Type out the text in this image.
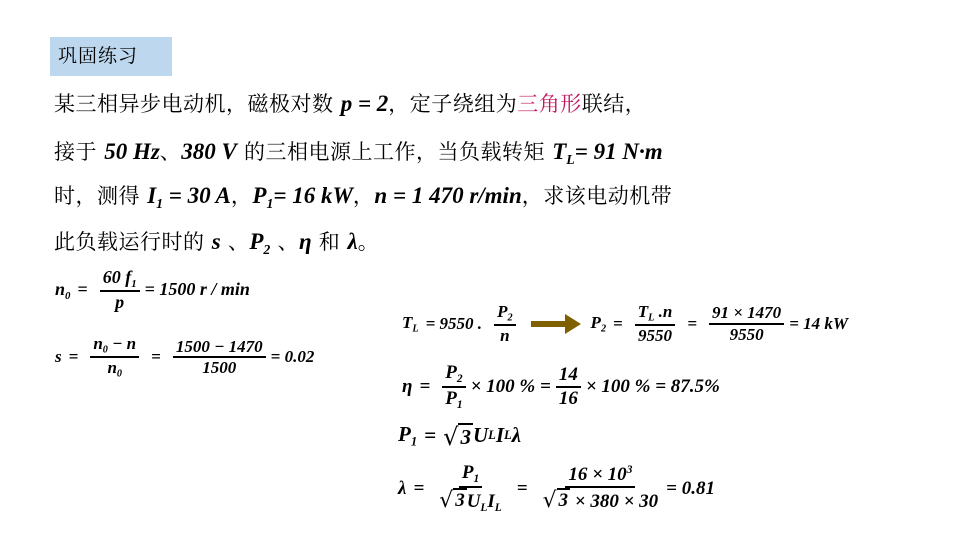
巩固练习
某三相异步电动机，磁极对数 p = 2，定子绕组为三角形联结，
接于 50 Hz、380 V 的三相电源上工作，当负载转矩 $T_L= 91$ N·m
时，测得 $I_1 = 30$ A，$P_1= 16$ kW，n = 1 470 r/min，求该电动机带
此负载运行时的 s 、$P_2$ 、η 和 λ。
$n_0 = \frac{60 f_1}{p} = 1500$ r / min
$s = \frac{n_0 - n}{n_0} = \frac{1500 - 1470}{1500} = 0.02$
$T_L = 9550$ . $\frac{P_2}{n}$	$P_2 = \frac{T_L .n}{9550} = \frac{91 \times 1470}{9550} = 14$ kW
$\eta = \frac{P_2}{P_1} \times 100$ % = $\frac{14}{16} \times 100$ % = 87.5%
$P_1$ = √ 3 U L I L λ
$\lambda = \frac{P_1}{√ 3 U_LI_L} = \frac{16 \times 10^3}{√ 3 \times 380 \times 30} = 0.81$
